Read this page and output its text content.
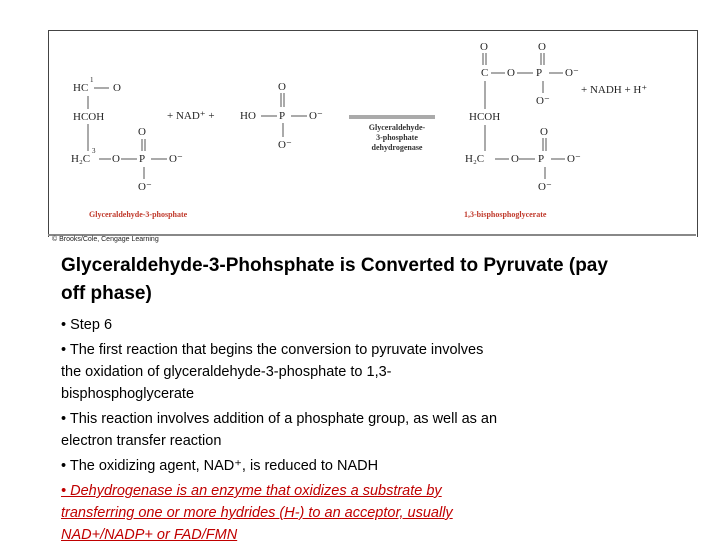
HC
1
O
HCOH
H₂C
3
O
O
P O⁻
O⁻
Glyceraldehyde-3-phosphate
+ NAD⁺ + HO
O
P O⁻
O⁻
Glyceraldehyde-
3-phosphate
dehydrogenase
O	O
C O P O⁻
O⁻
HCOH
H₂C O
O
P O⁻
O⁻
1,3-bisphosphoglycerate
+ NADH + H⁺
© Brooks/Cole, Cengage Learning
Glyceraldehyde-3-Phohsphate is Converted to Pyruvate (pay
off phase)
• Step 6
• The first reaction that begins the conversion to pyruvate involves
the oxidation of glyceraldehyde-3-phosphate to 1,3-
bisphosphoglycerate
• This reaction involves addition of a phosphate group, as well as an
electron transfer reaction
• The oxidizing agent, NAD⁺, is reduced to NADH
• Dehydrogenase is an enzyme that oxidizes a substrate by
transferring one or more hydrides (H-) to an acceptor, usually
NAD+/NADP+ or FAD/FMN
